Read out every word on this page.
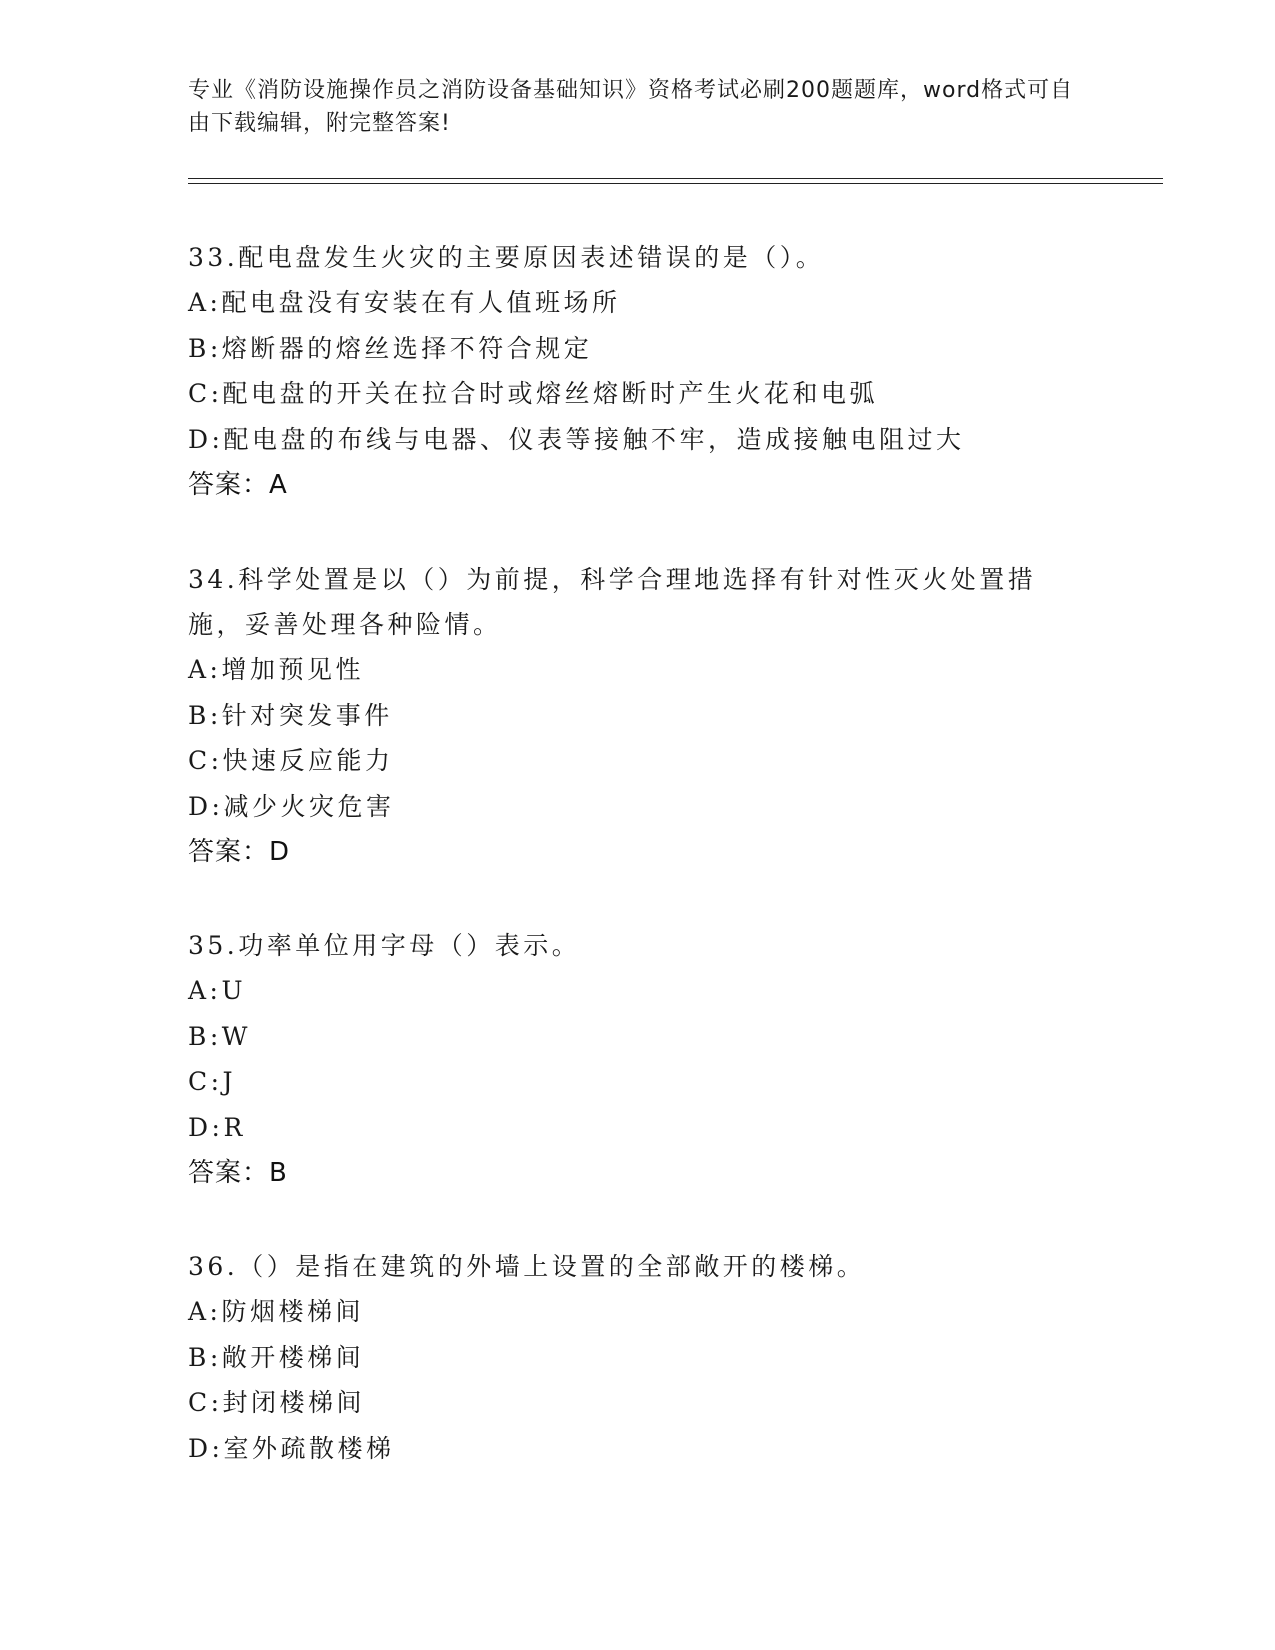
专业《消防设施操作员之消防设备基础知识》资格考试必刷200题题库，word格式可自由下载编辑，附完整答案!

33.配电盘发生火灾的主要原因表述错误的是（）。

A:配电盘没有安装在有人值班场所

B:熔断器的熔丝选择不符合规定

C:配电盘的开关在拉合时或熔丝熔断时产生火花和电弧

D:配电盘的布线与电器、仪表等接触不牢，造成接触电阻过大

答案：A

34.科学处置是以（）为前提，科学合理地选择有针对性灭火处置措施，妥善处理各种险情。

A:增加预见性

B:针对突发事件

C:快速反应能力

D:减少火灾危害

答案：D

35.功率单位用字母（）表示。

A:U

B:W

C:J

D:R

答案：B

36.（）是指在建筑的外墙上设置的全部敞开的楼梯。

A:防烟楼梯间

B:敞开楼梯间

C:封闭楼梯间

D:室外疏散楼梯
